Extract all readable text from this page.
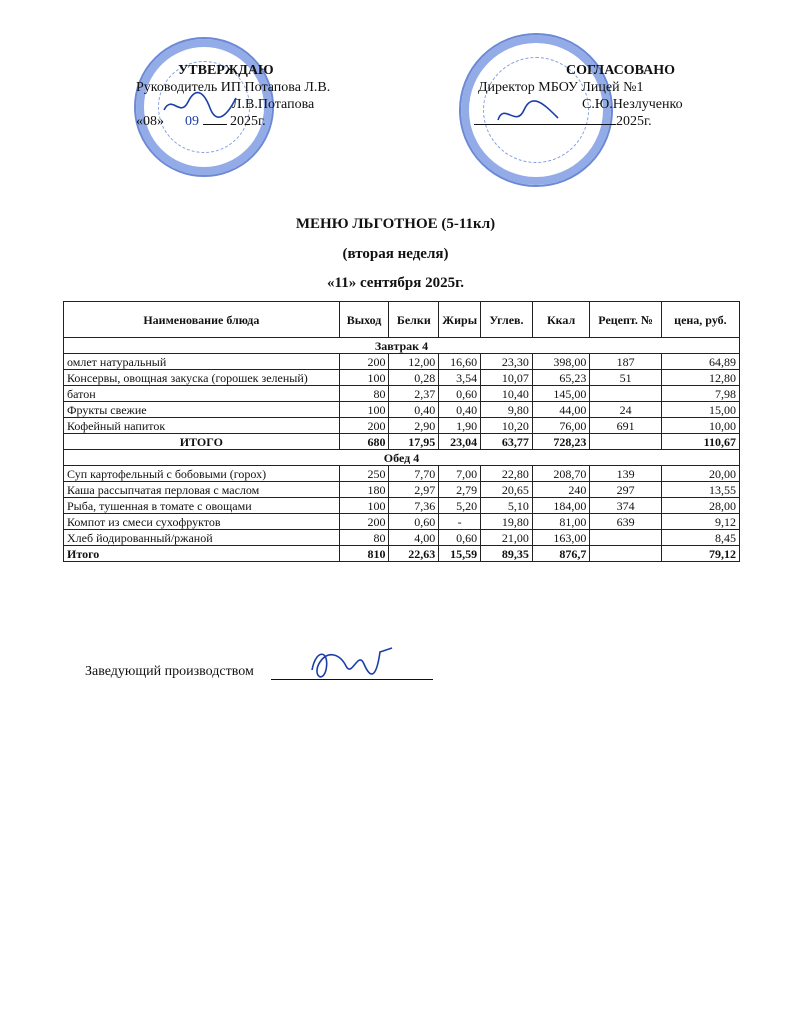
УТВЕРЖДАЮ
Руководитель ИП Потапова Л.В.
Л.В.Потапова
«08» 09 2025г.
СОГЛАСОВАНО
Директор МБОУ Лицей №1
С.Ю.Незлученко
2025г.
МЕНЮ ЛЬГОТНОЕ (5-11кл)
(вторая неделя)
«11» сентября 2025г.
Наименование блюда	Выход	Белки	Жиры	Углев.	Ккал	Рецепт. №	цена, руб.
Завтрак 4							
омлет натуральный	200	12,00	16,60	23,30	398,00	187	64,89
Консервы, овощная закуска (горошек зеленый)	100	0,28	3,54	10,07	65,23	51	12,80
батон	80	2,37	0,60	10,40	145,00		7,98
Фрукты свежие	100	0,40	0,40	9,80	44,00	24	15,00
Кофейный напиток	200	2,90	1,90	10,20	76,00	691	10,00
ИТОГО	680	17,95	23,04	63,77	728,23		110,67
Обед 4							
Суп картофельный с бобовыми (горох)	250	7,70	7,00	22,80	208,70	139	20,00
Каша рассыпчатая перловая с маслом	180	2,97	2,79	20,65	240	297	13,55
Рыба, тушенная в томате с овощами	100	7,36	5,20	5,10	184,00	374	28,00
Компот из смеси сухофруктов	200	0,60	-	19,80	81,00	639	9,12
Хлеб йодированный/ржаной	80	4,00	0,60	21,00	163,00		8,45
Итого	810	22,63	15,59	89,35	876,7		79,12
Заведующий производством
